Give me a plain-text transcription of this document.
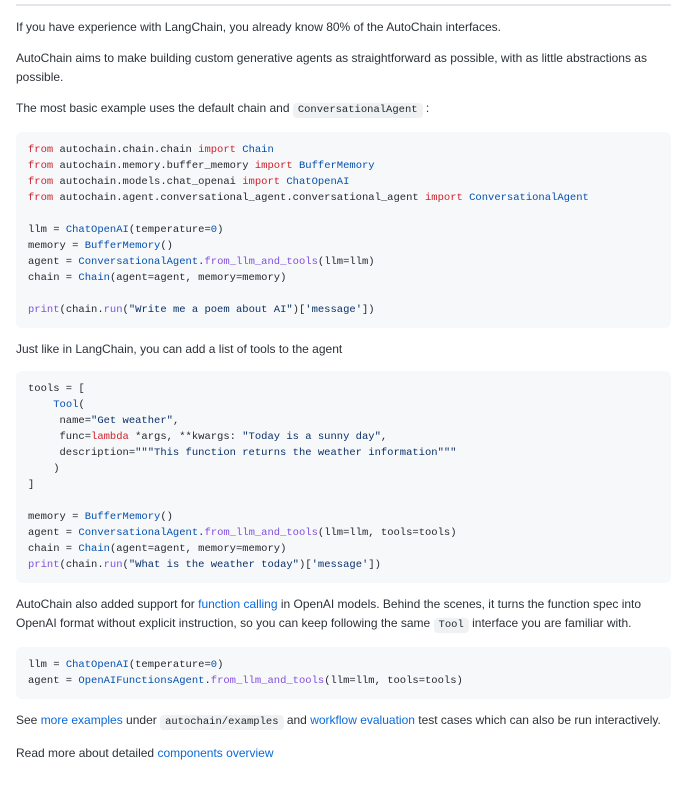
If you have experience with LangChain, you already know 80% of the AutoChain interfaces.

AutoChain aims to make building custom generative agents as straightforward as possible, with as little abstractions as possible.

The most basic example uses the default chain and ConversationalAgent :

from autochain.chain.chain import Chain
from autochain.memory.buffer_memory import BufferMemory
from autochain.models.chat_openai import ChatOpenAI
from autochain.agent.conversational_agent.conversational_agent import ConversationalAgent
llm = ChatOpenAI(temperature=0)
memory = BufferMemory()
agent = ConversationalAgent.from_llm_and_tools(llm=llm)
chain = Chain(agent=agent, memory=memory)
print(chain.run("Write me a poem about AI")['message'])

Just like in LangChain, you can add a list of tools to the agent

tools = [
Tool(
name="Get weather",
func=lambda *args, **kwargs: "Today is a sunny day",
description="""This function returns the weather information"""
)
]
memory = BufferMemory()
agent = ConversationalAgent.from_llm_and_tools(llm=llm, tools=tools)
chain = Chain(agent=agent, memory=memory)
print(chain.run("What is the weather today")['message'])

AutoChain also added support for function calling in OpenAI models. Behind the scenes, it turns the function spec into OpenAI format without explicit instruction, so you can keep following the same Tool interface you are familiar with.

llm = ChatOpenAI(temperature=0)
agent = OpenAIFunctionsAgent.from_llm_and_tools(llm=llm, tools=tools)

See more examples under autochain/examples and workflow evaluation test cases which can also be run interactively.

Read more about detailed components overview
